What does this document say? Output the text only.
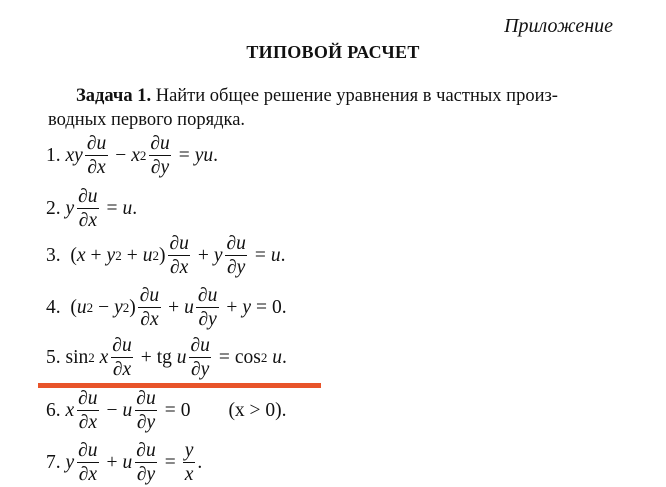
Приложение
ТИПОВОЙ РАСЧЕТ
Задача 1. Найти общее решение уравнения в частных произ-
водных первого порядка.
1.
xy $\frac{\partial u}{\partial x} - x$ $2 \frac{\partial u}{\partial y}$ = yu .
2.
y $\frac{\partial u}{\partial x} = u$ .
3. ( x + y 2 + u 2 ) $\frac{\partial u}{\partial x} + y \frac{\partial u}{\partial y} = u$ .
4. ( u 2 − y 2 ) $\frac{\partial u}{\partial x} + u \frac{\partial u}{\partial y} + y = 0$.
5.
sin 2
x $\frac{\partial u}{\partial x}$ + tg
u $\frac{\partial u}{\partial y} = \cos 2$
u .
6.
x $\frac{\partial u}{\partial x} - u \frac{\partial u}{\partial y} = 0$ (x > 0).
7.
y $\frac{\partial u}{\partial x} + u \frac{\partial u}{\partial y} = \frac{y}{x}$ .
